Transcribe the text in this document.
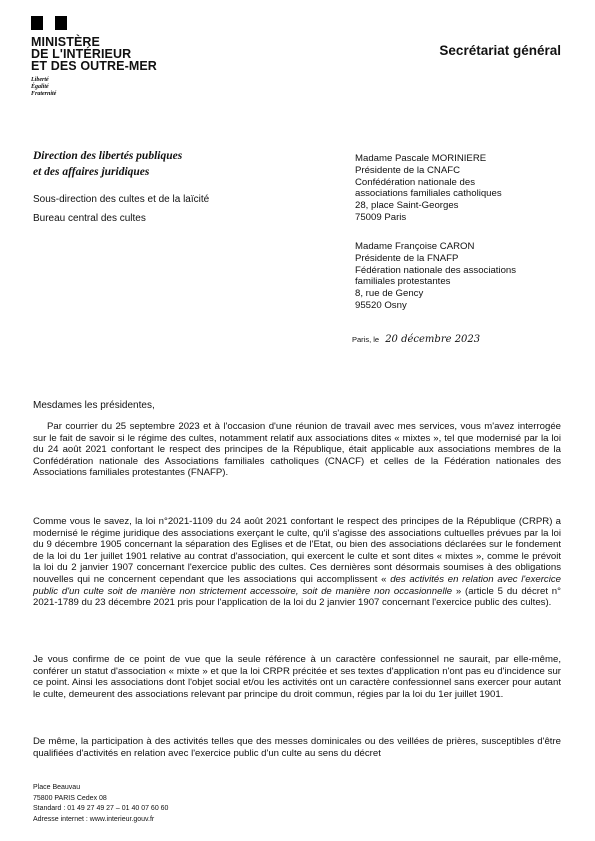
MINISTÈRE
DE L'INTÉRIEUR
ET DES OUTRE-MER
Liberté
Égalité
Fraternité
Secrétariat général
Direction des libertés publiques
et des affaires juridiques
Sous-direction des cultes et de la laïcité
Bureau central des cultes
Madame Pascale MORINIERE
Présidente de la CNAFC
Confédération nationale des
associations familiales catholiques
28, place Saint-Georges
75009 Paris
Madame Françoise CARON
Présidente de la FNAFP
Fédération nationale des associations
familiales protestantes
8, rue de Gency
95520 Osny
Paris, le 20 décembre 2023
Mesdames les présidentes,
Par courrier du 25 septembre 2023 et à l'occasion d'une réunion de travail avec mes services, vous m'avez interrogée sur le fait de savoir si le régime des cultes, notamment relatif aux associations dites « mixtes », tel que modernisé par la loi du 24 août 2021 confortant le respect des principes de la République, était applicable aux associations membres de la Confédération nationale des Associations familiales catholiques (CNACF) et celles de la Fédération nationales des Associations familiales protestantes (FNAFP).
Comme vous le savez, la loi n°2021-1109 du 24 août 2021 confortant le respect des principes de la République (CRPR) a modernisé le régime juridique des associations exerçant le culte, qu'il s'agisse des associations cultuelles prévues par la loi du 9 décembre 1905 concernant la séparation des Eglises et de l'Etat, ou bien des associations déclarées sur le fondement de la loi du 1er juillet 1901 relative au contrat d'association, qui exercent le culte et sont dites « mixtes », comme le prévoit la loi du 2 janvier 1907 concernant l'exercice public des cultes. Ces dernières sont désormais soumises à des obligations nouvelles qui ne concernent cependant que les associations qui accomplissent « des activités en relation avec l'exercice public d'un culte soit de manière non strictement accessoire, soit de manière non occasionnelle » (article 5 du décret n° 2021-1789 du 23 décembre 2021 pris pour l'application de la loi du 2 janvier 1907 concernant l'exercice public des cultes).
Je vous confirme de ce point de vue que la seule référence à un caractère confessionnel ne saurait, par elle-même, conférer un statut d'association « mixte » et que la loi CRPR précitée et ses textes d'application n'ont pas eu d'incidence sur ce point. Ainsi les associations dont l'objet social et/ou les activités ont un caractère confessionnel sans exercer pour autant le culte, demeurent des associations relevant par principe du droit commun, régies par la loi du 1er juillet 1901.
De même, la participation à des activités telles que des messes dominicales ou des veillées de prières, susceptibles d'être qualifiées d'activités en relation avec l'exercice public d'un culte au sens du décret
Place Beauvau
75800 PARIS Cedex 08
Standard : 01 49 27 49 27 – 01 40 07 60 60
Adresse internet : www.interieur.gouv.fr
